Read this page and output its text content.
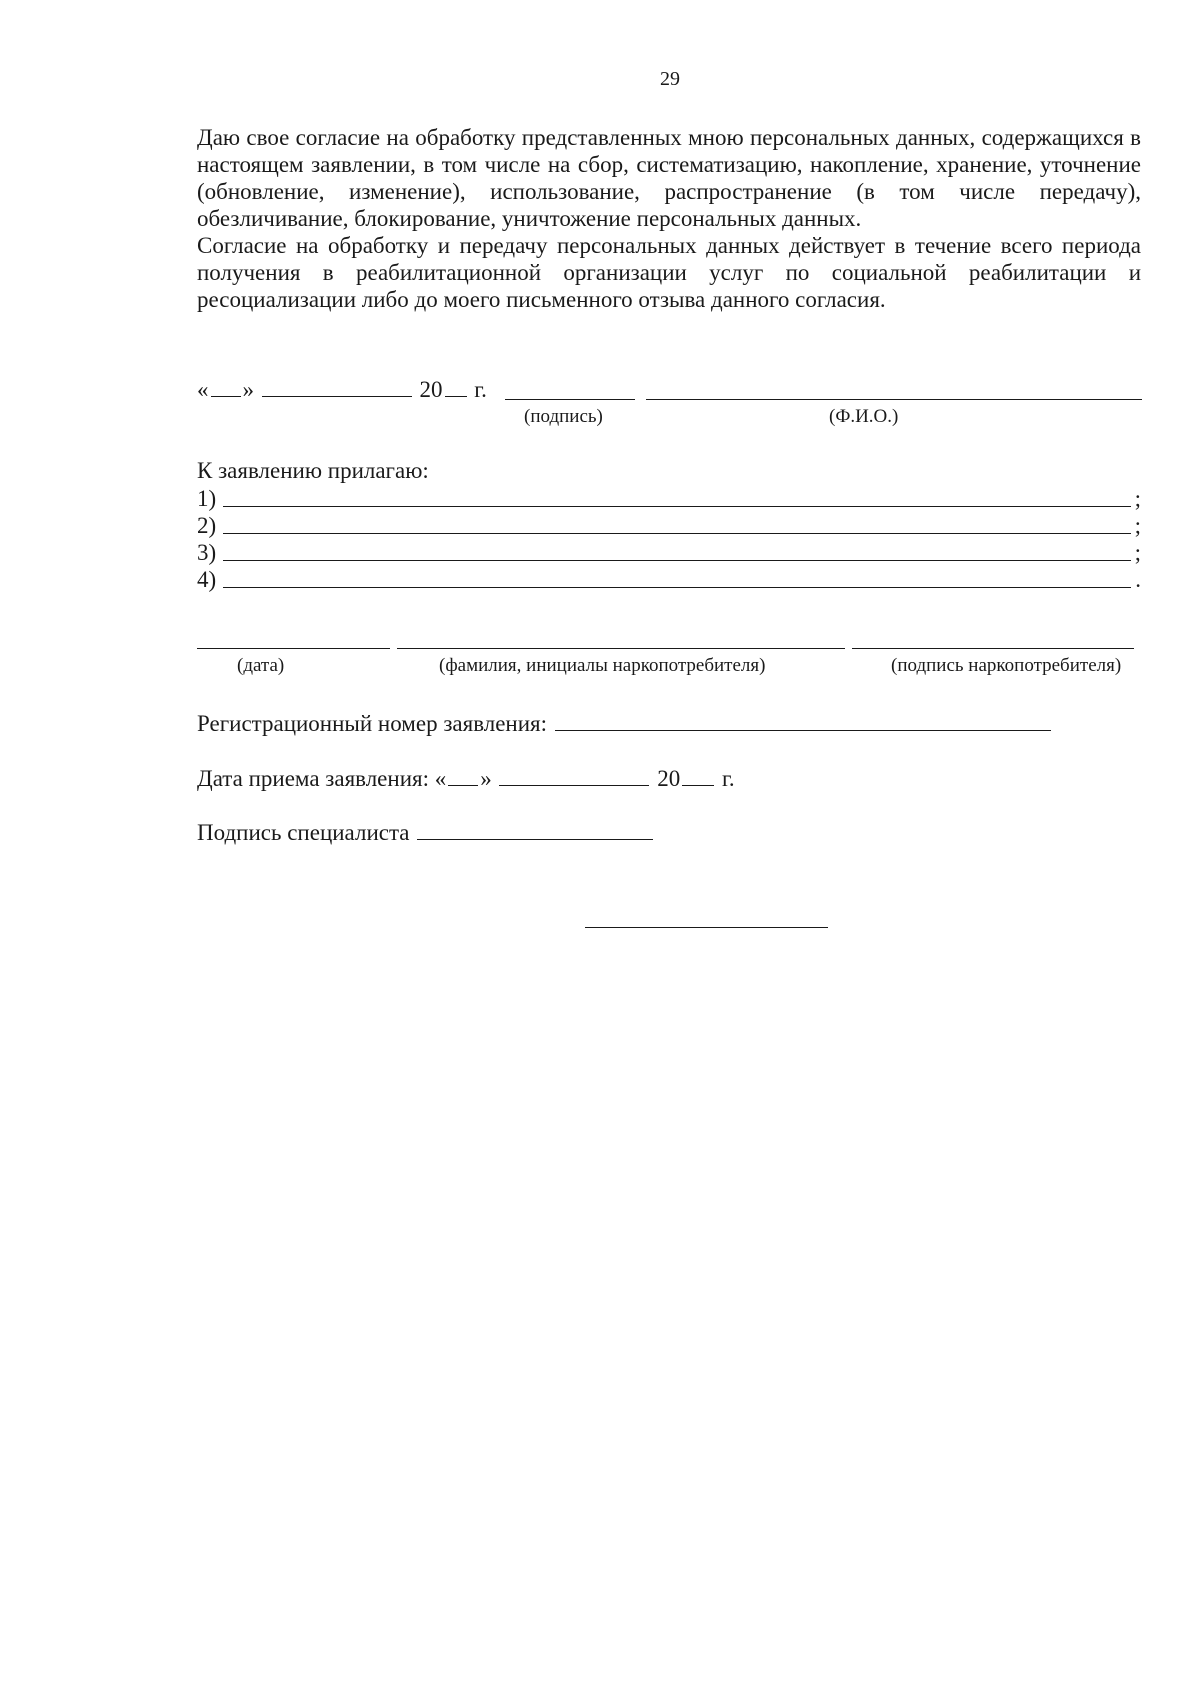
29

Даю свое согласие на обработку представленных мною персональных данных, содержащихся в настоящем заявлении, в том числе на сбор, систематизацию, накопление, хранение, уточнение (обновление, изменение), использование, распространение (в том числе передачу), обезличивание, блокирование, уничтожение персональных данных.

Согласие на обработку и передачу персональных данных действует в течение всего периода получения в реабилитационной организации услуг по социальной реабилитации и ресоциализации либо до моего письменного отзыва данного согласия.

« »	20 г.
(подпись)	(Ф.И.О.)
К заявлению прилагаю:
1)	;
2)	;
3)	;
4)	.
(дата)	(фамилия, инициалы наркопотребителя)	(подпись наркопотребителя)
Регистрационный номер заявления:
Дата приема заявления: « »	20 г.
Подпись специалиста
